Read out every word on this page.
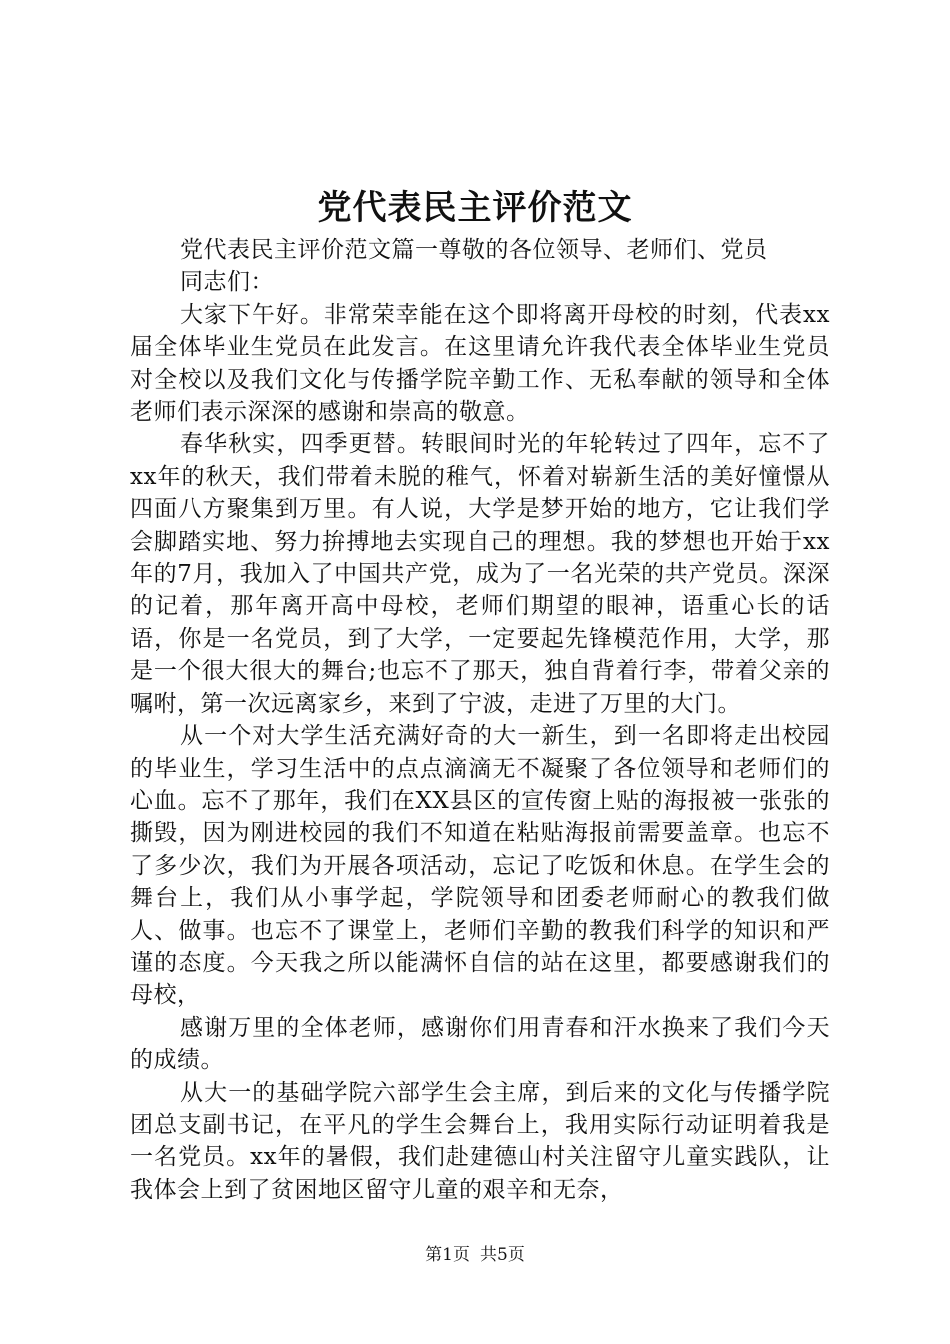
党代表民主评价范文

党代表民主评价范文篇一尊敬的各位领导、老师们、党员同志们：

大家下午好。非常荣幸能在这个即将离开母校的时刻，代表xx届全体毕业生党员在此发言。在这里请允许我代表全体毕业生党员对全校以及我们文化与传播学院辛勤工作、无私奉献的领导和全体老师们表示深深的感谢和崇高的敬意。

春华秋实，四季更替。转眼间时光的年轮转过了四年，忘不了xx年的秋天，我们带着未脱的稚气，怀着对崭新生活的美好憧憬从四面八方聚集到万里。有人说，大学是梦开始的地方，它让我们学会脚踏实地、努力拚搏地去实现自己的理想。我的梦想也开始于xx年的7月，我加入了中国共产党，成为了一名光荣的共产党员。深深的记着，那年离开高中母校，老师们期望的眼神，语重心长的话语，你是一名党员，到了大学，一定要起先锋模范作用，大学，那是一个很大很大的舞台;也忘不了那天，独自背着行李，带着父亲的嘱咐，第一次远离家乡，来到了宁波，走进了万里的大门。

从一个对大学生活充满好奇的大一新生，到一名即将走出校园的毕业生，学习生活中的点点滴滴无不凝聚了各位领导和老师们的心血。忘不了那年，我们在XX县区的宣传窗上贴的海报被一张张的撕毁，因为刚进校园的我们不知道在粘贴海报前需要盖章。也忘不了多少次，我们为开展各项活动，忘记了吃饭和休息。在学生会的舞台上，我们从小事学起，学院领导和团委老师耐心的教我们做人、做事。也忘不了课堂上，老师们辛勤的教我们科学的知识和严谨的态度。今天我之所以能满怀自信的站在这里，都要感谢我们的母校，

感谢万里的全体老师，感谢你们用青春和汗水换来了我们今天的成绩。

从大一的基础学院六部学生会主席，到后来的文化与传播学院团总支副书记，在平凡的学生会舞台上，我用实际行动证明着我是一名党员。xx年的暑假，我们赴建德山村关注留守儿童实践队，让我体会上到了贫困地区留守儿童的艰辛和无奈，

第1页 共5页
